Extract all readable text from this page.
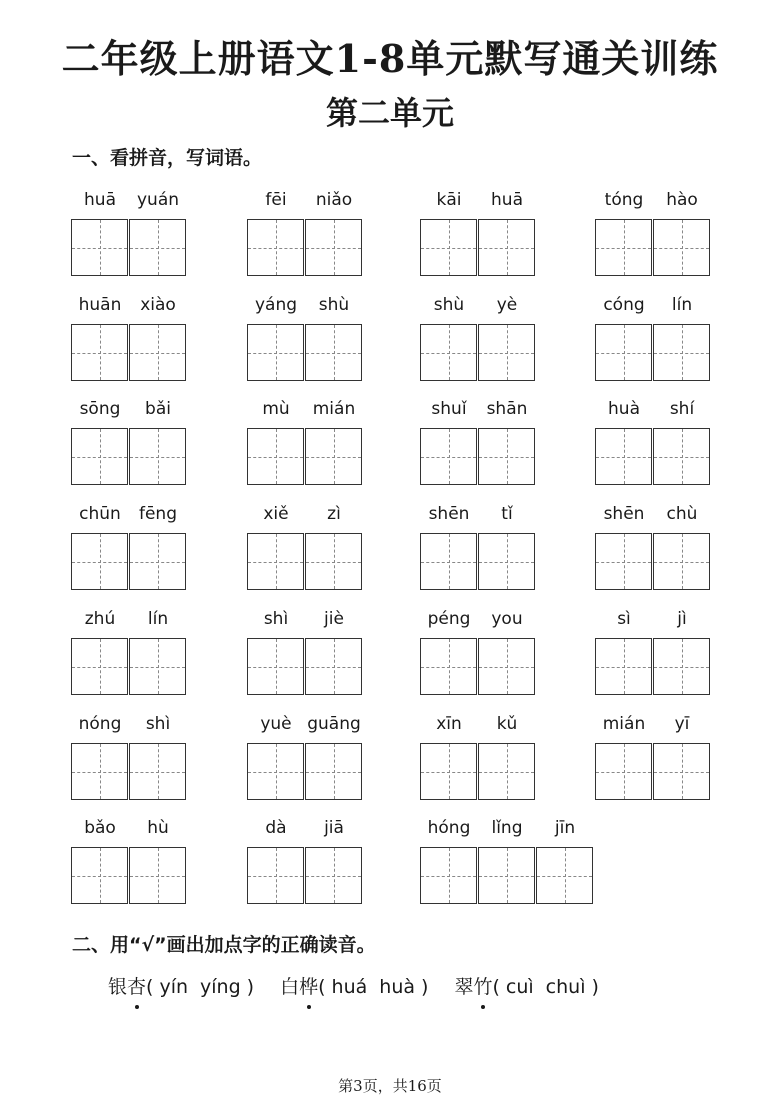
二年级上册语文1-8单元默写通关训练
第二单元
一、看拼音，写词语。
huā	yuán	fēi	niǎo	kāi	huā	tóng	hào
huān	xiào	yáng	shù	shù	yè	cóng	lín
sōng	bǎi	mù	mián	shuǐ	shān	huà	shí
chūn	fēng	xiě	zì	shēn	tǐ	shēn	chù
zhú	lín	shì	jiè	péng	you	sì	jì
nóng	shì	yuè guāng	xīn	kǔ	mián	yī
bǎo	hù	dà	jiā	hóng	lǐng	jīn
二、用“√”画出加点字的正确读音。
银杏( yín yíng ) 白桦( huá huà ) 翠竹( cuì chuì )
第3页，共16页
